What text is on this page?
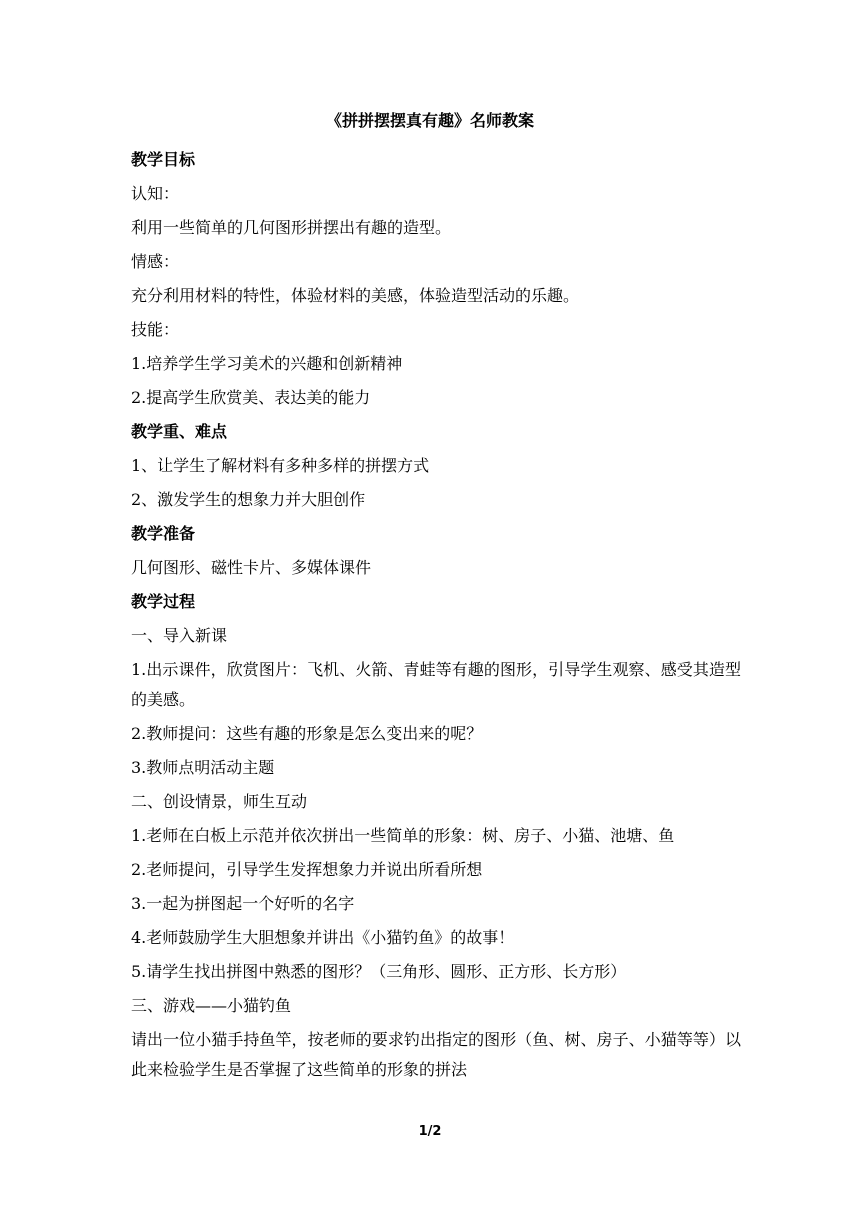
《拼拼摆摆真有趣》名师教案
教学目标
认知：
利用一些简单的几何图形拼摆出有趣的造型。
情感：
充分利用材料的特性，体验材料的美感，体验造型活动的乐趣。
技能：
1.培养学生学习美术的兴趣和创新精神
2.提高学生欣赏美、表达美的能力
教学重、难点
1、让学生了解材料有多种多样的拼摆方式
2、激发学生的想象力并大胆创作
教学准备
几何图形、磁性卡片、多媒体课件
教学过程
一、导入新课
1.出示课件，欣赏图片：飞机、火箭、青蛙等有趣的图形，引导学生观察、感受其造型的美感。
2.教师提问：这些有趣的形象是怎么变出来的呢？
3.教师点明活动主题
二、创设情景，师生互动
1.老师在白板上示范并依次拼出一些简单的形象：树、房子、小猫、池塘、鱼
2.老师提问，引导学生发挥想象力并说出所看所想
3.一起为拼图起一个好听的名字
4.老师鼓励学生大胆想象并讲出《小猫钓鱼》的故事！
5.请学生找出拼图中熟悉的图形？（三角形、圆形、正方形、长方形）
三、游戏——小猫钓鱼
请出一位小猫手持鱼竿，按老师的要求钓出指定的图形（鱼、树、房子、小猫等等）以此来检验学生是否掌握了这些简单的形象的拼法
1/2
